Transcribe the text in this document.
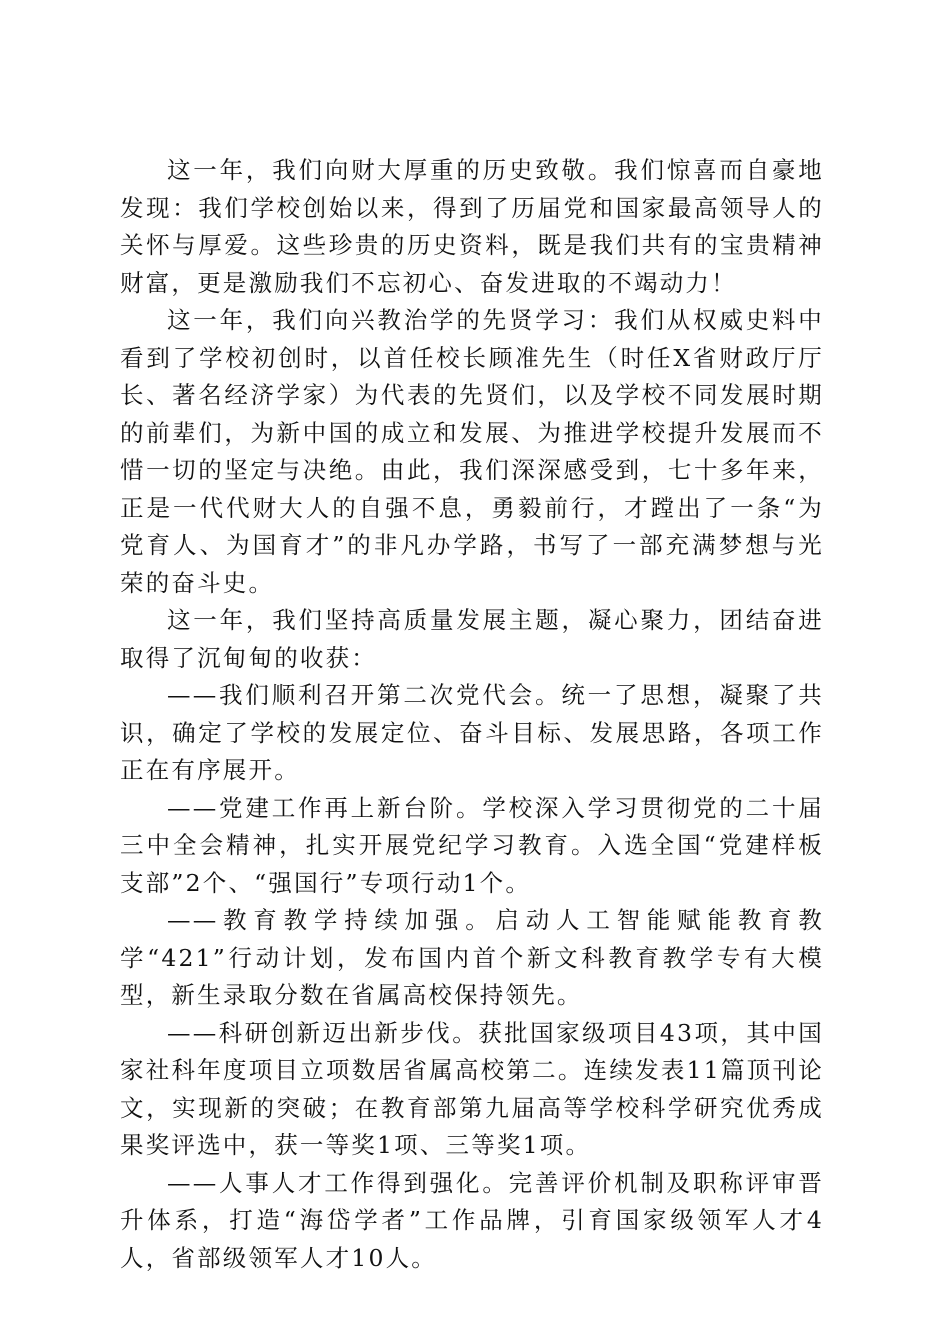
这一年，我们向财大厚重的历史致敬。我们惊喜而自豪地发现：我们学校创始以来，得到了历届党和国家最高领导人的关怀与厚爱。这些珍贵的历史资料，既是我们共有的宝贵精神财富，更是激励我们不忘初心、奋发进取的不竭动力！

这一年，我们向兴教治学的先贤学习：我们从权威史料中看到了学校初创时，以首任校长顾准先生（时任X省财政厅厅长、著名经济学家）为代表的先贤们，以及学校不同发展时期的前辈们，为新中国的成立和发展、为推进学校提升发展而不惜一切的坚定与决绝。由此，我们深深感受到，七十多年来，正是一代代财大人的自强不息，勇毅前行，才蹚出了一条“为党育人、为国育才”的非凡办学路，书写了一部充满梦想与光荣的奋斗史。

这一年，我们坚持高质量发展主题，凝心聚力，团结奋进取得了沉甸甸的收获：

——我们顺利召开第二次党代会。统一了思想，凝聚了共识，确定了学校的发展定位、奋斗目标、发展思路，各项工作正在有序展开。

——党建工作再上新台阶。学校深入学习贯彻党的二十届三中全会精神，扎实开展党纪学习教育。入选全国“党建样板支部”2个、“强国行”专项行动1个。

——教育教学持续加强。启动人工智能赋能教育教学“421”行动计划，发布国内首个新文科教育教学专有大模型，新生录取分数在省属高校保持领先。

——科研创新迈出新步伐。获批国家级项目43项，其中国家社科年度项目立项数居省属高校第二。连续发表11篇顶刊论文，实现新的突破；在教育部第九届高等学校科学研究优秀成果奖评选中，获一等奖1项、三等奖1项。

——人事人才工作得到强化。完善评价机制及职称评审晋升体系，打造“海岱学者”工作品牌，引育国家级领军人才4人，省部级领军人才10人。
